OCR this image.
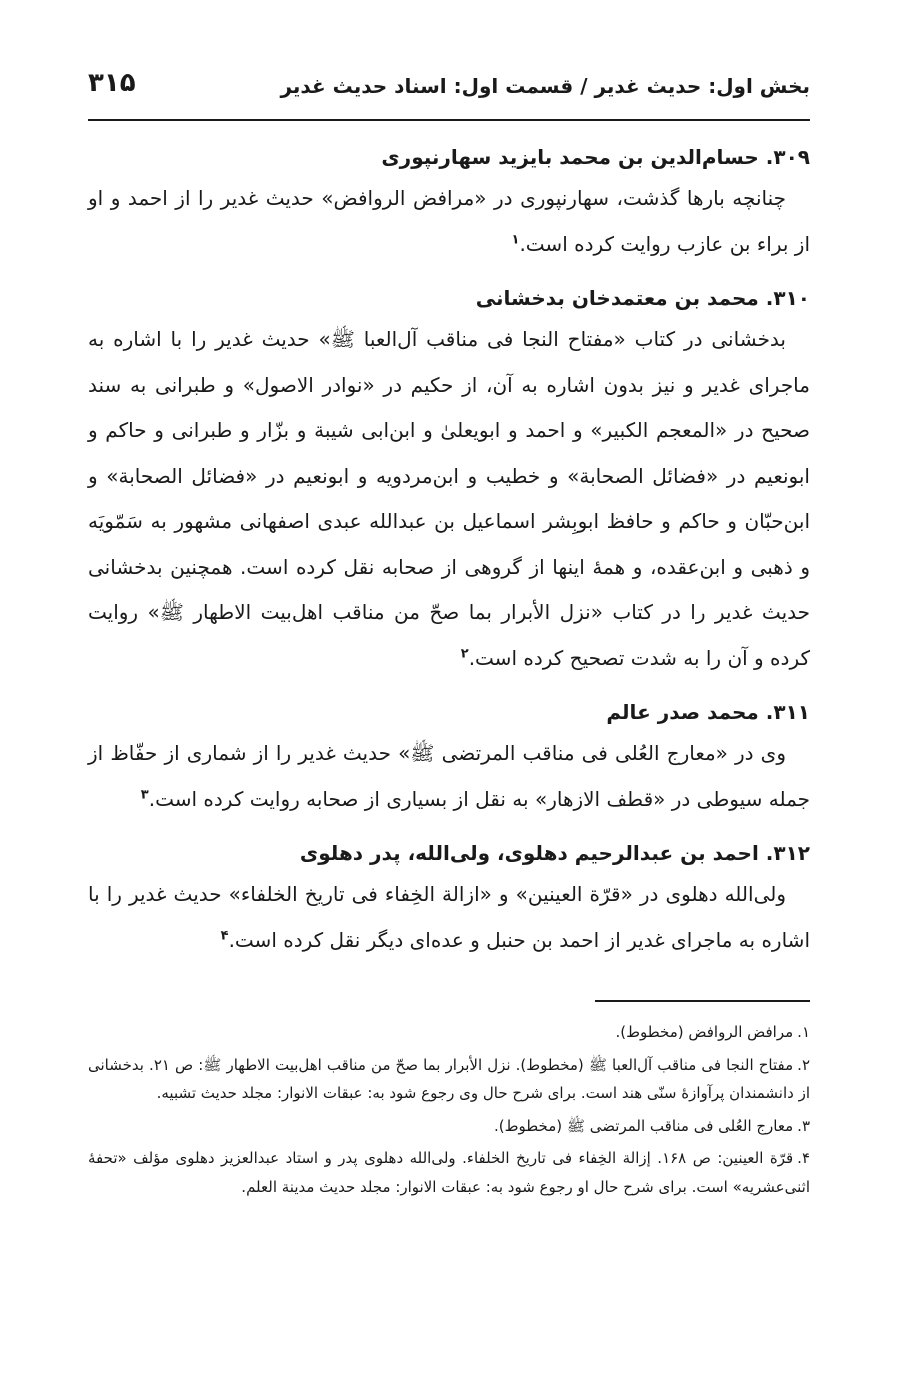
بخش اول: حدیث غدیر / قسمت اول: اسناد حدیث غدیر
۳۱۵

۳۰۹. حسام‌الدین بن محمد بایزید سهارنپوری

چنانچه بارها گذشت، سهارنپوری در «مرافض الروافض» حدیث غدیر را از احمد و او از براء بن عازب روایت کرده است.$^۱$

۳۱۰. محمد بن معتمدخان بدخشانی

بدخشانی در کتاب «مفتاح النجا فی مناقب آل‌العبا ﷺ» حدیث غدیر را با اشاره به ماجرای غدیر و نیز بدون اشاره به آن، از حکیم در «نوادر الاصول» و طبرانی به سند صحیح در «المعجم الکبیر» و احمد و ابویعلیٰ و ابن‌ابی شیبة و بزّار و طبرانی و حاکم و ابونعیم در «فضائل الصحابة» و خطیب و ابن‌مردویه و ابونعیم در «فضائل الصحابة» و ابن‌حبّان و حاکم و حافظ ابوبِشر اسماعیل بن عبدالله عبدی اصفهانی مشهور به سَمّویَه و ذهبی و ابن‌عقده، و همهٔ اینها از گروهی از صحابه نقل کرده است. همچنین بدخشانی حدیث غدیر را در کتاب «نزل الأبرار بما صحّ من مناقب اهل‌بیت الاطهار ﷺ» روایت کرده و آن را به شدت تصحیح کرده است.$^۲$

۳۱۱. محمد صدر عالم

وی در «معارج العُلی فی مناقب المرتضی ﷺ» حدیث غدیر را از شماری از حفّاظ از جمله سیوطی در «قطف الازهار» به نقل از بسیاری از صحابه روایت کرده است.$^۳$

۳۱۲. احمد بن عبدالرحیم دهلوی، ولی‌الله، پدر دهلوی

ولی‌الله دهلوی در «قرّة العینین» و «ازالة الخِفاء فی تاریخ الخلفاء» حدیث غدیر را با اشاره به ماجرای غدیر از احمد بن حنبل و عده‌ای دیگر نقل کرده است.$^۴$

۱.مرافض الروافض (مخطوط).

۲.مفتاح النجا فی مناقب آل‌العبا ﷺ (مخطوط). نزل الأبرار بما صحّ من مناقب اهل‌بیت الاطهار ﷺ: ص ۲۱. بدخشانی از دانشمندان پرآوازهٔ سنّی هند است. برای شرح حال وی رجوع شود به: عبقات الانوار: مجلد حدیث تشبیه.

۳.معارج العُلی فی مناقب المرتضی ﷺ (مخطوط).

۴.قرّة العینین: ص ۱۶۸. إزالة الخِفاء فی تاریخ الخلفاء. ولی‌الله دهلوی پدر و استاد عبدالعزیز دهلوی مؤلف «تحفهٔ اثنی‌عشریه» است. برای شرح حال او رجوع شود به: عبقات الانوار: مجلد حدیث مدینة العلم.
